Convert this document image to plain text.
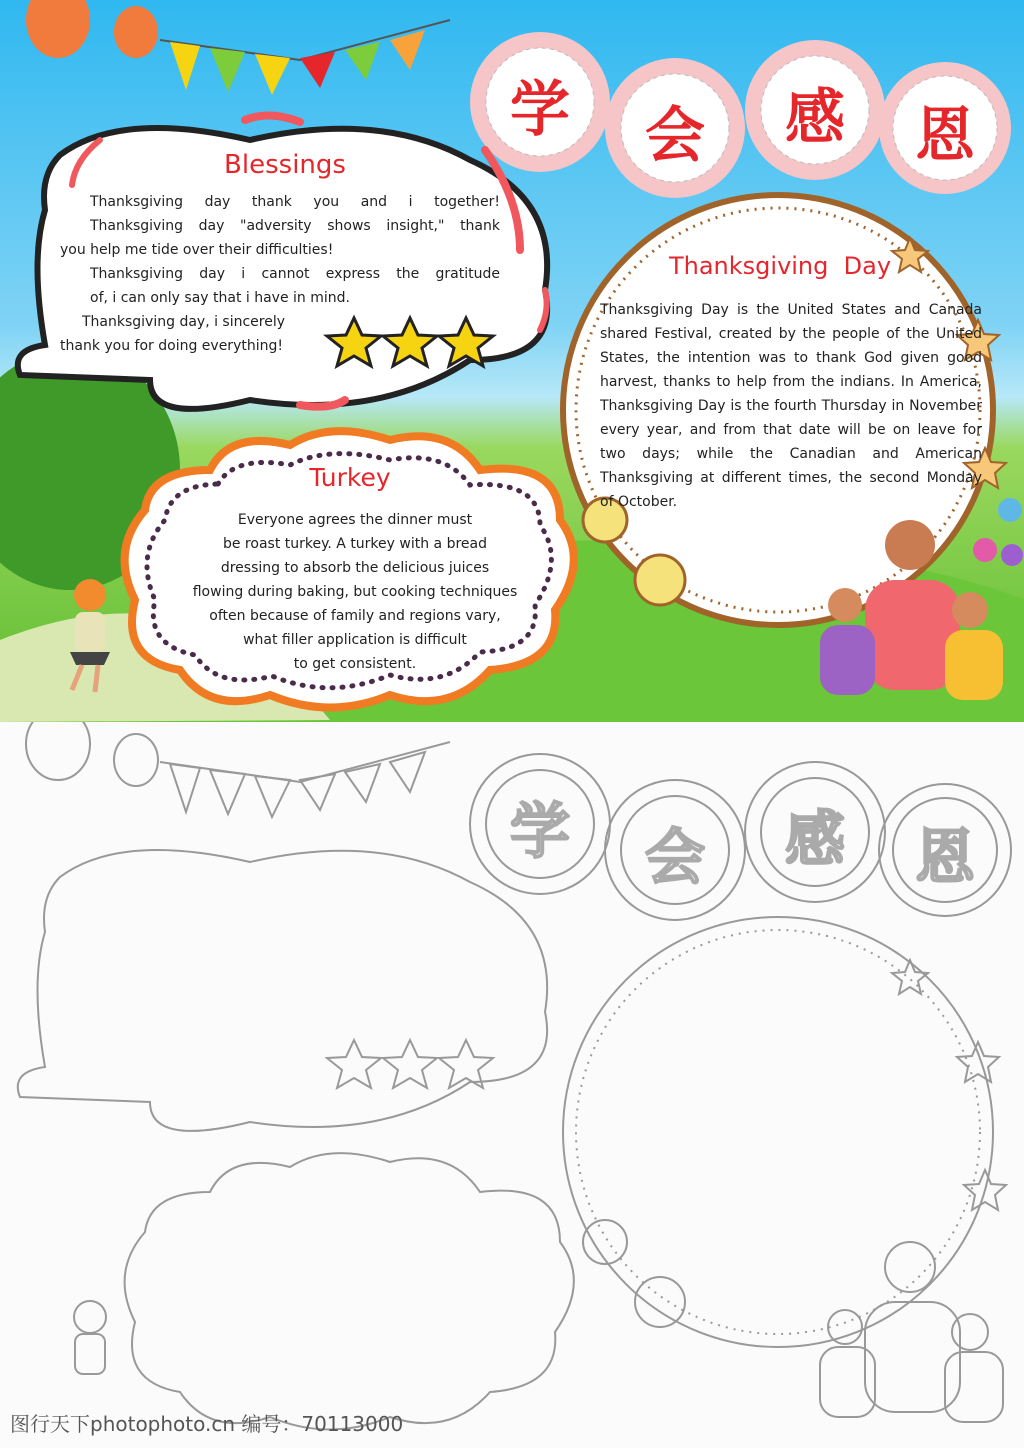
学	会	感	恩
Blessings

Thanksgiving day thank you and i together!

Thanksgiving day "adversity shows insight," thank

you help me tide over their difficulties!

Thanksgiving day i cannot express the gratitude

of, i can only say that i have in mind.

Thanksgiving day, i sincerely

thank you for doing everything!

Turkey
Everyone agrees the dinner must
be roast turkey. A turkey with a bread
dressing to absorb the delicious juices
flowing during baking, but cooking techniques
often because of family and regions vary,
what filler application is difficult
to get consistent.
Thanksgiving  Day
Thanksgiving Day is the United States and Canada shared Festival, created by the people of the United States, the intention was to thank God given good harvest, thanks to help from the indians. In America, Thanksgiving Day is the fourth Thursday in November every year, and from that date will be on leave for two days; while the Canadian and American Thanksgiving at different times, the second Monday of October.
学	会	感	恩
图行天下photophoto.cn 编号：70113000
